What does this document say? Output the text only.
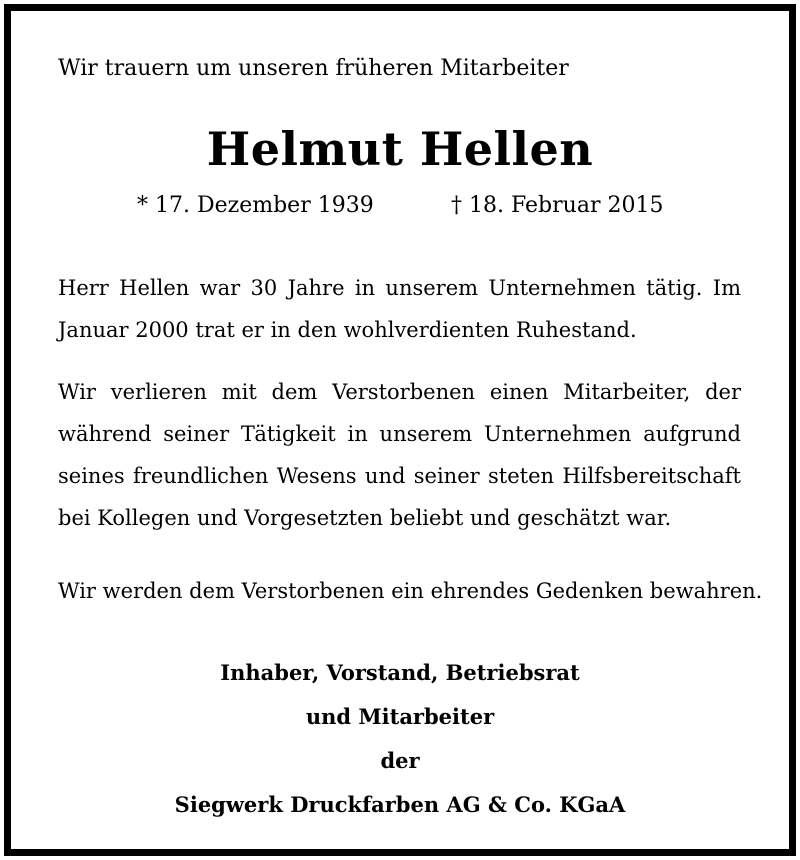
Wir trauern um unseren früheren Mitarbeiter
Helmut Hellen
* 17. Dezember 1939	† 18. Februar 2015
Herr Hellen war 30 Jahre in unserem Unternehmen tätig. Im Januar 2000 trat er in den wohlverdienten Ruhestand.
Wir verlieren mit dem Verstorbenen einen Mitarbeiter, der während seiner Tätigkeit in unserem Unternehmen aufgrund seines freundlichen Wesens und seiner steten Hilfsbereitschaft bei Kollegen und Vorgesetzten beliebt und geschätzt war.
Wir werden dem Verstorbenen ein ehrendes Gedenken bewahren.
Inhaber, Vorstand, Betriebsrat
und Mitarbeiter
der
Siegwerk Druckfarben AG & Co. KGaA
